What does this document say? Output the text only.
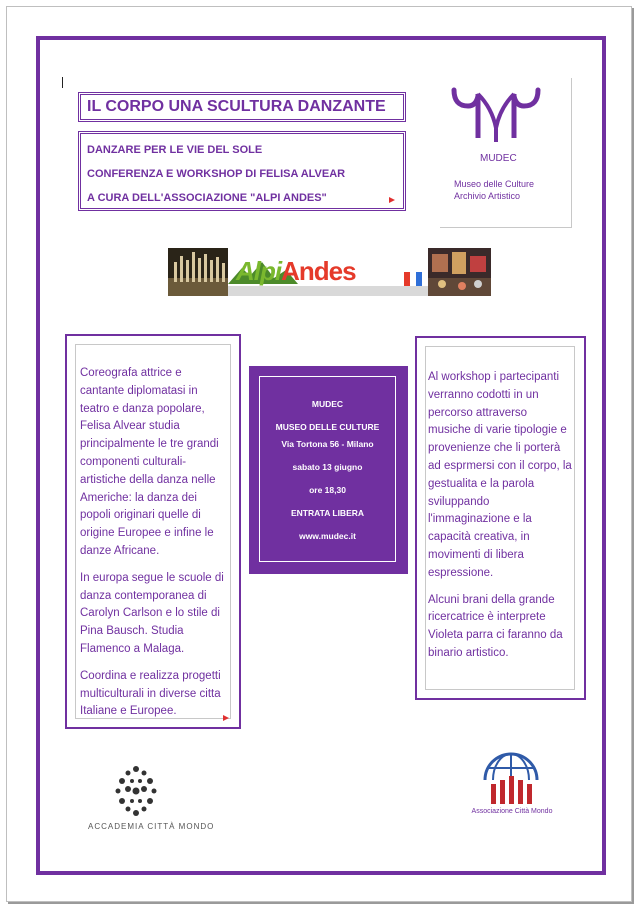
IL CORPO UNA SCULTURA DANZANTE
DANZARE PER LE VIE DEL SOLE
CONFERENZA E WORKSHOP DI FELISA ALVEAR
A CURA DELL'ASSOCIAZIONE "ALPI ANDES"
MUDEC
Museo delle Culture
Archivio Artistico
AlpiAndes

Coreografa attrice e cantante diplomatasi in teatro e danza popolare, Felisa Alvear studia principalmente le tre grandi componenti culturali-artistiche della danza nelle Americhe: la danza dei popoli originari quelle di origine Europee e infine le danze Africane.

In europa segue le scuole di danza contemporanea di Carolyn Carlson e lo stile di Pina Bausch. Studia Flamenco a Malaga.

Coordina e realizza progetti multiculturali in diverse citta Italiane e Europee.

MUDEC
MUSEO DELLE CULTURE
Via Tortona 56 - Milano
sabato 13 giugno
ore 18,30
ENTRATA LIBERA
www.mudec.it

Al workshop i partecipanti verranno codotti in un percorso attraverso musiche di varie tipologie e provenienze che li porterà ad esprmersi con il corpo, la gestualita e la parola sviluppando l'immaginazione e la capacità creativa, in movimenti di libera espressione.

Alcuni brani della grande ricercatrice è interprete Violeta parra ci faranno da binario artistico.

ACCADEMIA CITTÀ MONDO
Associazione Città Mondo
